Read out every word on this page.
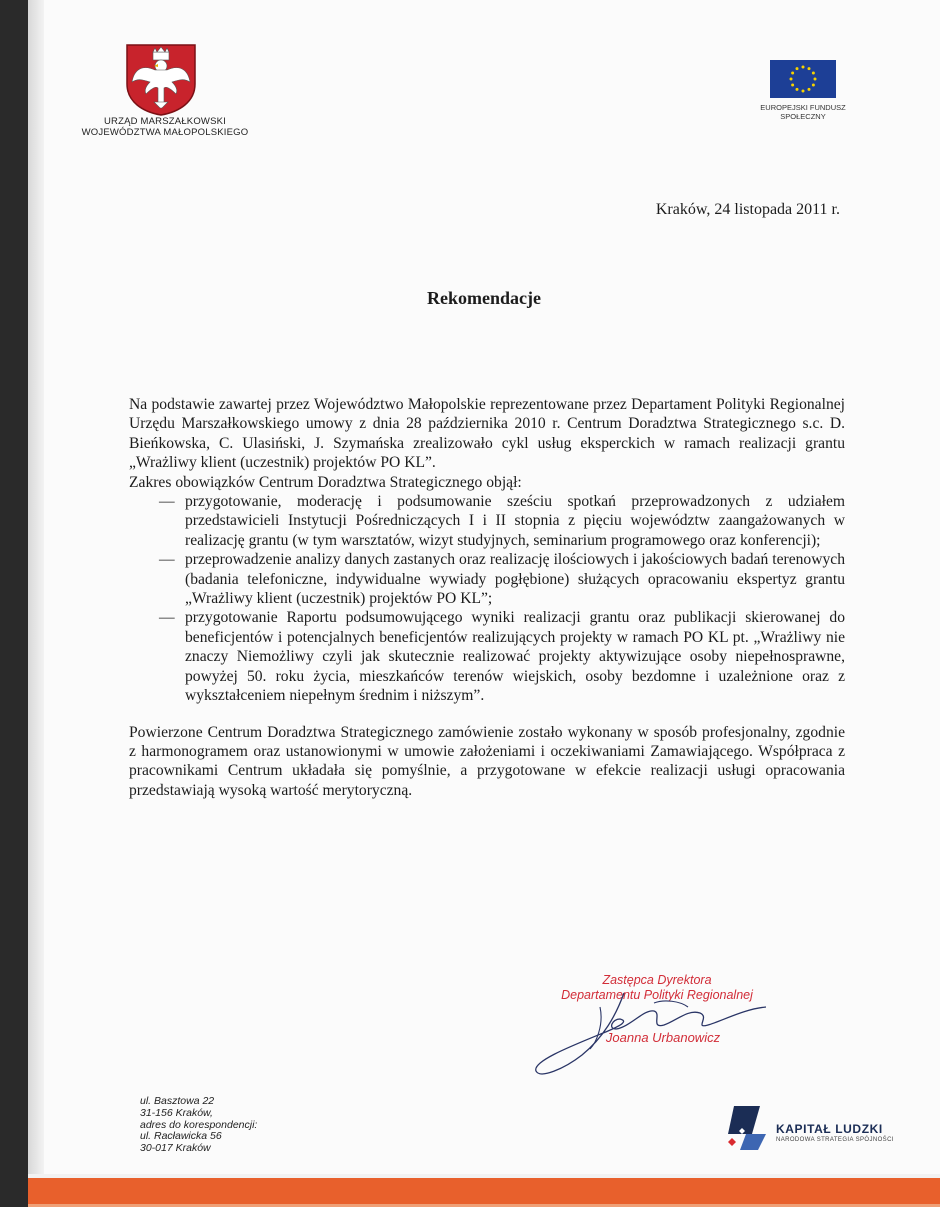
URZĄD MARSZAŁKOWSKI
WOJEWÓDZTWA MAŁOPOLSKIEGO
EUROPEJSKI FUNDUSZ
SPOŁECZNY
Kraków, 24 listopada 2011 r.
Rekomendacje

Na podstawie zawartej przez Województwo Małopolskie reprezentowane przez Departament Polityki Regionalnej Urzędu Marszałkowskiego umowy z dnia 28 października 2010 r. Centrum Doradztwa Strategicznego s.c. D. Bieńkowska, C. Ulasiński, J. Szymańska zrealizowało cykl usług eksperckich w ramach realizacji grantu „Wrażliwy klient (uczestnik) projektów PO KL”.

Zakres obowiązków Centrum Doradztwa Strategicznego objął:

— przygotowanie, moderację i podsumowanie sześciu spotkań przeprowadzonych z udziałem przedstawicieli Instytucji Pośredniczących I i II stopnia z pięciu województw zaangażowanych w realizację grantu (w tym warsztatów, wizyt studyjnych, seminarium programowego oraz konferencji);
— przeprowadzenie analizy danych zastanych oraz realizację ilościowych i jakościowych badań terenowych (badania telefoniczne, indywidualne wywiady pogłębione) służących opracowaniu ekspertyz grantu „Wrażliwy klient (uczestnik) projektów PO KL”;
— przygotowanie Raportu podsumowującego wyniki realizacji grantu oraz publikacji skierowanej do beneficjentów i potencjalnych beneficjentów realizujących projekty w ramach PO KL pt. „Wrażliwy nie znaczy Niemożliwy czyli jak skutecznie realizować projekty aktywizujące osoby niepełnosprawne, powyżej 50. roku życia, mieszkańców terenów wiejskich, osoby bezdomne i uzależnione oraz z wykształceniem niepełnym średnim i niższym”.

Powierzone Centrum Doradztwa Strategicznego zamówienie zostało wykonany w sposób profesjonalny, zgodnie z harmonogramem oraz ustanowionymi w umowie założeniami i oczekiwaniami Zamawiającego. Współpraca z pracownikami Centrum układała się pomyślnie, a przygotowane w efekcie realizacji usługi opracowania przedstawiają wysoką wartość merytoryczną.

Zastępca Dyrektora
Departamentu Polityki Regionalnej
Joanna Urbanowicz
ul. Basztowa 22
31-156 Kraków,
adres do korespondencji:
ul. Racławicka 56
30-017 Kraków
KAPITAŁ LUDZKI
NARODOWA STRATEGIA SPÓJNOŚCI
